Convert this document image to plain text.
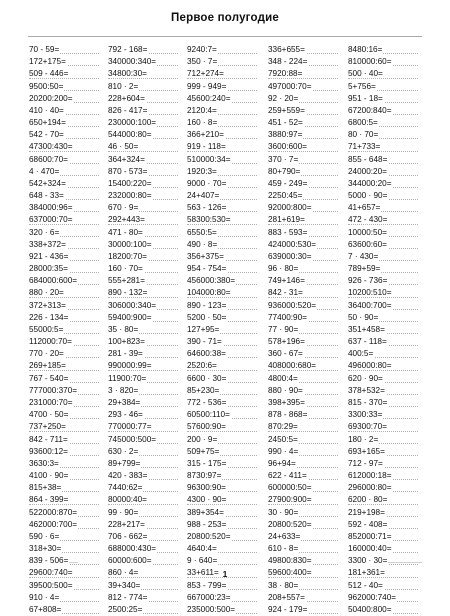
Первое полугодие
70 - 59=
172+175=
509 - 446=
9500:50=
20200:200=
410 · 40=
650+194=
542 - 70=
47300:430=
68600:70=
4 · 470=
542+324=
648 - 33=
384000:96=
637000:70=
320 · 6=
338+372=
921 - 436=
28000:35=
684000:600=
880 · 20=
372+313=
226 - 134=
55000:5=
112000:70=
770 · 20=
269+185=
767 - 540=
777000:370=
231000:70=
4700 · 50=
737+250=
842 - 711=
93600:12=
3630:3=
4100 · 90=
815+38=
864 - 399=
522000:870=
462000:700=
590 · 6=
318+30=
839 - 506=
29600:740=
39500:500=
910 · 4=
67+808=
792 - 168=
340000:340=
34800:30=
810 · 2=
228+604=
826 - 417=
230000:100=
544000:80=
46 · 50=
364+324=
870 - 573=
15400:220=
232000:80=
670 · 9=
292+443=
471 - 80=
30000:100=
18200:70=
160 · 70=
555+281=
890 - 132=
306000:340=
59400:900=
35 · 80=
100+823=
281 - 39=
990000:99=
11900:70=
3 · 820=
29+384=
293 - 46=
770000:77=
745000:500=
630 · 2=
89+799=
420 - 383=
7440:62=
80000:40=
99 · 90=
228+217=
706 - 662=
688000:430=
60000:600=
860 · 4=
39+340=
812 - 774=
2500:25=
9240:7=
350 · 7=
712+274=
999 - 949=
45600:240=
2120:4=
160 · 8=
366+210=
919 - 118=
510000:34=
1920:3=
9000 · 70=
24+407=
563 - 126=
58300:530=
6550:5=
490 · 8=
356+375=
954 - 754=
456000:380=
104000:80=
890 - 123=
5200 · 50=
127+95=
390 - 71=
64600:38=
2520:6=
6600 · 30=
85+230=
772 - 536=
60500:110=
57600:90=
200 · 9=
509+75=
315 - 175=
8730:97=
96300:90=
4300 · 90=
389+354=
988 - 253=
20800:520=
4640:4=
9 · 640=
33+611=
853 - 799=
667000:23=
235000:500=
336+655=
348 - 224=
7920:88=
497000:70=
92 · 20=
259+559=
451 - 52=
3880:97=
3600:600=
370 · 7=
80+790=
459 - 249=
2250:45=
92000:800=
281+619=
883 - 593=
424000:530=
639000:30=
96 · 80=
749+146=
842 - 31=
936000:520=
77400:90=
77 · 90=
578+196=
360 - 67=
408000:680=
4800:4=
880 · 90=
398+395=
878 - 868=
870:29=
2450:5=
990 · 4=
96+94=
622 - 411=
600000:50=
27900:900=
30 · 90=
20800:520=
24+633=
610 - 8=
49800:830=
59600:400=
38 · 80=
208+557=
924 - 179=
8480:16=
810000:60=
500 · 40=
5+756=
951 - 18=
67200:840=
6800:5=
80 · 70=
71+733=
855 - 648=
24000:20=
344000:20=
5000 · 90=
41+657=
472 - 430=
10000:50=
63600:60=
7 · 430=
789+59=
926 - 736=
10200:510=
36400:700=
50 · 90=
351+458=
637 - 118=
400:5=
496000:80=
620 · 90=
378+532=
815 - 370=
3300:33=
69300:70=
180 · 2=
693+165=
712 - 97=
612000:18=
296000:80=
6200 · 80=
219+198=
592 - 408=
852000:71=
160000:40=
3300 · 30=
181+361=
512 - 40=
962000:740=
50400:800=
1
